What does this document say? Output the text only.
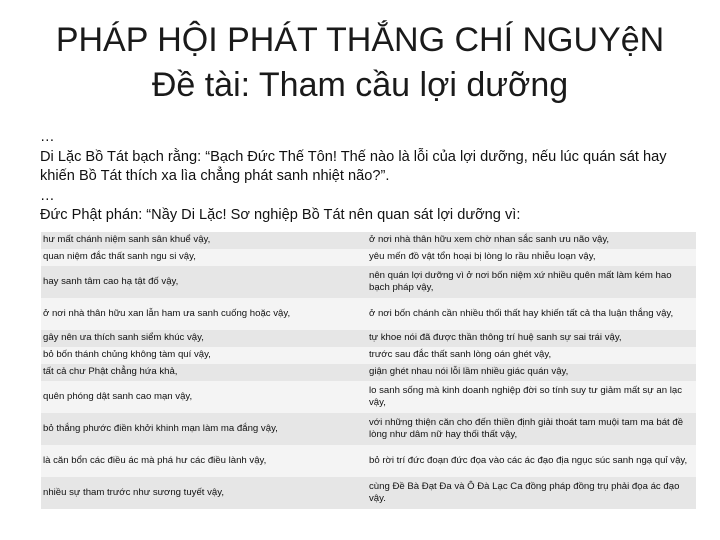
PHÁP HỘI PHÁT THẮNG CHÍ NGUYệN
Đề tài: Tham cầu lợi dưỡng
…
Di Lặc Bồ Tát bạch rằng: “Bạch Đức Thế Tôn! Thế nào là lỗi của lợi dưỡng, nếu lúc quán sát hay khiến Bồ Tát thích xa lìa chẳng phát sanh nhiệt não?”.
…
Đức Phật phán: “Nầy Di Lặc! Sơ nghiệp Bồ Tát nên quan sát lợi dưỡng vì:
hư mất chánh niệm sanh sân khuể vậy,	ở nơi nhà thân hữu xem chờ nhan sắc sanh ưu não vậy,
quan niệm đắc thất sanh ngu si vậy,	yêu mến đồ vật tổn hoại bị lòng lo rầu nhiễu loạn vậy,
hay sanh tâm cao hạ tật đố vậy,	nên quán lợi dưỡng vì ở nơi bốn niệm xứ nhiều quên mất làm kém hao bạch pháp vậy,
ở nơi nhà thân hữu xan lẫn ham ưa sanh cuống hoặc vậy,	ở nơi bốn chánh cần nhiều thối thất hay khiến tất cả tha luận thắng vậy,
gây nên ưa thích sanh siểm khúc vậy,	tự khoe nói đã được thần thông trí huệ sanh sự sai trái vậy,
bỏ bốn thánh chủng không tàm quí vậy,	trước sau đắc thất sanh lòng oán ghét vậy,
tất cả chư Phật chẳng hứa khả,	giận ghét nhau nói lỗi lầm nhiều giác quán vậy,
quên phóng dật sanh cao mạn vậy,	lo sanh sống mà kinh doanh nghiệp đời so tính suy tư giảm mất sự an lạc vậy,
bỏ thắng phước điền khởi khinh mạn làm ma đắng vậy,	với những thiện căn cho đến thiền định giải thoát tam muội tam ma bát đề lòng như dâm nữ hay thối thất vậy,
là căn bổn các điều ác mà phá hư các điều lành vậy,	bỏ rời trí đức đoạn đức đọa vào các ác đạo địa ngục súc sanh ngạ quỉ vậy,
nhiều sự tham trước như sương tuyết vậy,	cùng Đề Bà Đạt Đa và Ô Đà Lạc Ca đồng pháp đồng trụ phải đọa ác đạo vậy.
